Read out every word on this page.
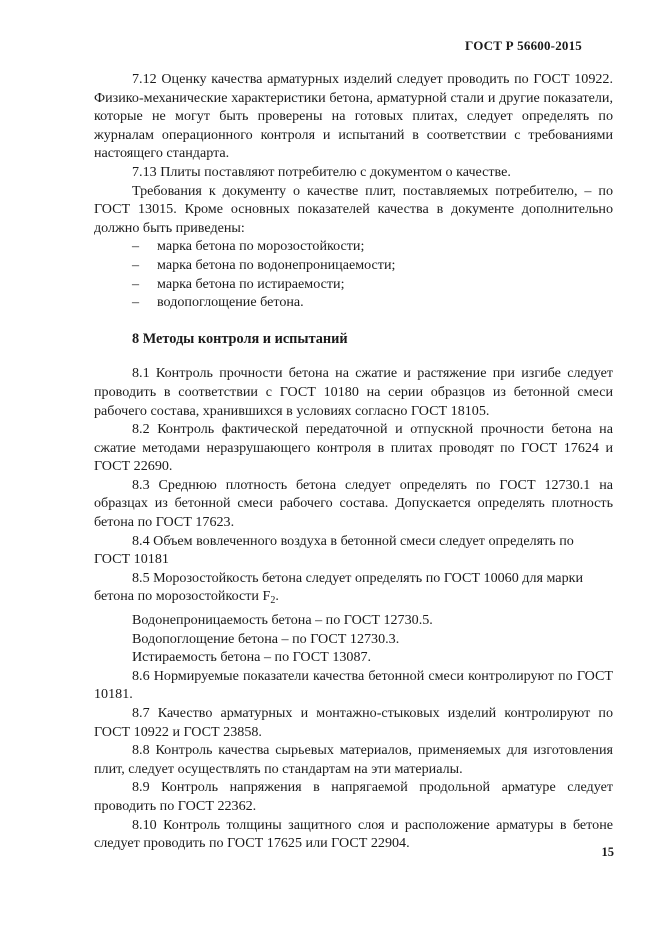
ГОСТ Р 56600-2015

7.12 Оценку качества арматурных изделий следует проводить по ГОСТ 10922. Физико-механические характеристики бетона, арматурной стали и другие показатели, которые не могут быть проверены на готовых плитах, следует определять по журналам операционного контроля и испытаний в соответствии с требованиями настоящего стандарта.

7.13 Плиты поставляют потребителю с документом о качестве.

Требования к документу о качестве плит, поставляемых потребителю, – по ГОСТ 13015. Кроме основных показателей качества в документе дополнительно должно быть приведены:

– марка бетона по морозостойкости;
– марка бетона по водонепроницаемости;
– марка бетона по истираемости;
– водопоглощение бетона.
8 Методы контроля и испытаний

8.1 Контроль прочности бетона на сжатие и растяжение при изгибе следует проводить в соответствии с ГОСТ 10180 на серии образцов из бетонной смеси рабочего состава, хранившихся в условиях согласно ГОСТ 18105.

8.2 Контроль фактической передаточной и отпускной прочности бетона на сжатие методами неразрушающего контроля в плитах проводят по ГОСТ 17624 и ГОСТ 22690.

8.3 Среднюю плотность бетона следует определять по ГОСТ 12730.1 на образцах из бетонной смеси рабочего состава. Допускается определять плотность бетона по ГОСТ 17623.

8.4 Объем вовлеченного воздуха в бетонной смеси следует определять по ГОСТ 10181

8.5 Морозостойкость бетона следует определять по ГОСТ 10060 для марки бетона по морозостойкости $F_2$.

Водонепроницаемость бетона – по ГОСТ 12730.5.

Водопоглощение бетона – по ГОСТ 12730.3.

Истираемость бетона – по ГОСТ 13087.

8.6 Нормируемые показатели качества бетонной смеси контролируют по ГОСТ 10181.

8.7 Качество арматурных и монтажно-стыковых изделий контролируют по ГОСТ 10922 и ГОСТ 23858.

8.8 Контроль качества сырьевых материалов, применяемых для изготовления плит, следует осуществлять по стандартам на эти материалы.

8.9 Контроль напряжения в напрягаемой продольной арматуре следует проводить по ГОСТ 22362.

8.10 Контроль толщины защитного слоя и расположение арматуры в бетоне следует проводить по ГОСТ 17625 или ГОСТ 22904.

15
